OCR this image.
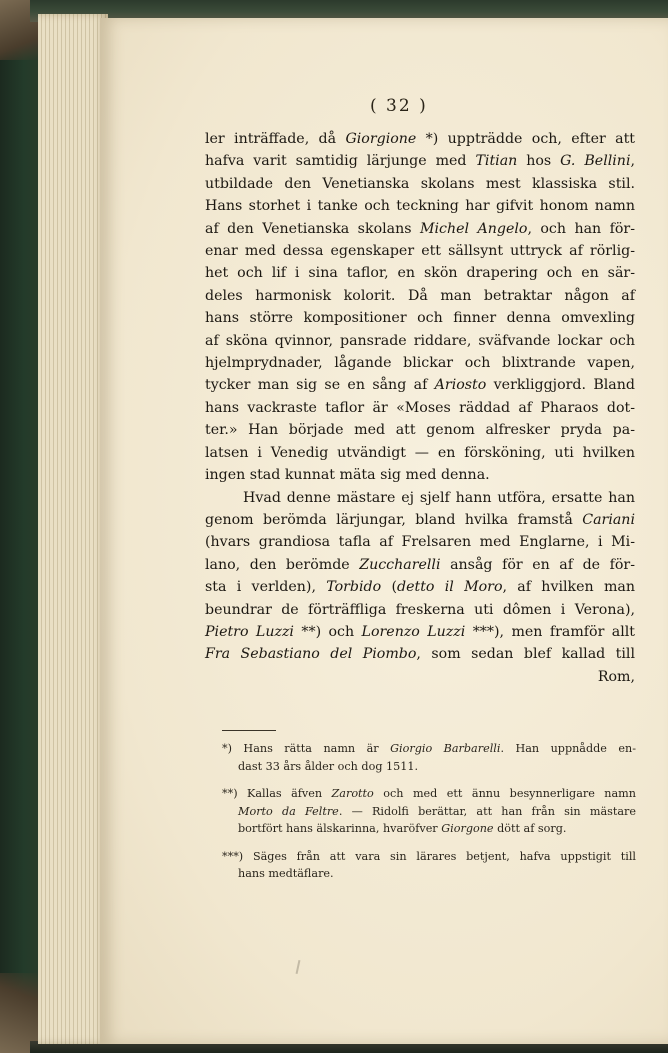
( 32 )
ler inträffade, då Giorgione *) uppträdde och, efter att
hafva varit samtidig lärjunge med Titian hos G. Bellini,
utbildade den Venetianska skolans mest klassiska stil.
Hans storhet i tanke och teckning har gifvit honom namn
af den Venetianska skolans Michel Angelo, och han för-
enar med dessa egenskaper ett sällsynt uttryck af rörlig-
het och lif i sina taflor, en skön drapering och en sär-
deles harmonisk kolorit. Då man betraktar någon af
hans större kompositioner och finner denna omvexling
af sköna qvinnor, pansrade riddare, sväfvande lockar och
hjelmprydnader, lågande blickar och blixtrande vapen,
tycker man sig se en sång af Ariosto verkliggjord. Bland
hans vackraste taflor är «Moses räddad af Pharaos dot-
ter.» Han började med att genom alfresker pryda pa-
latsen i Venedig utvändigt — en försköning, uti hvilken
ingen stad kunnat mäta sig med denna.
Hvad denne mästare ej sjelf hann utföra, ersatte han
genom berömda lärjungar, bland hvilka framstå Cariani
(hvars grandiosa tafla af Frelsaren med Englarne, i Mi-
lano, den berömde Zuccharelli ansåg för en af de för-
sta i verlden), Torbido (detto il Moro, af hvilken man
beundrar de förträffliga freskerna uti dômen i Verona),
Pietro Luzzi **) och Lorenzo Luzzi ***), men framför allt
Fra Sebastiano del Piombo, som sedan blef kallad till
Rom,
*) Hans rätta namn är Giorgio Barbarelli. Han uppnådde en-
dast 33 års ålder och dog 1511.
**) Kallas äfven Zarotto och med ett ännu besynnerligare namn
Morto da Feltre. — Ridolfi berättar, att han från sin mästare
bortfört hans älskarinna, hvaröfver Giorgone dött af sorg.
***) Säges från att vara sin lärares betjent, hafva uppstigit till
hans medtäflare.
